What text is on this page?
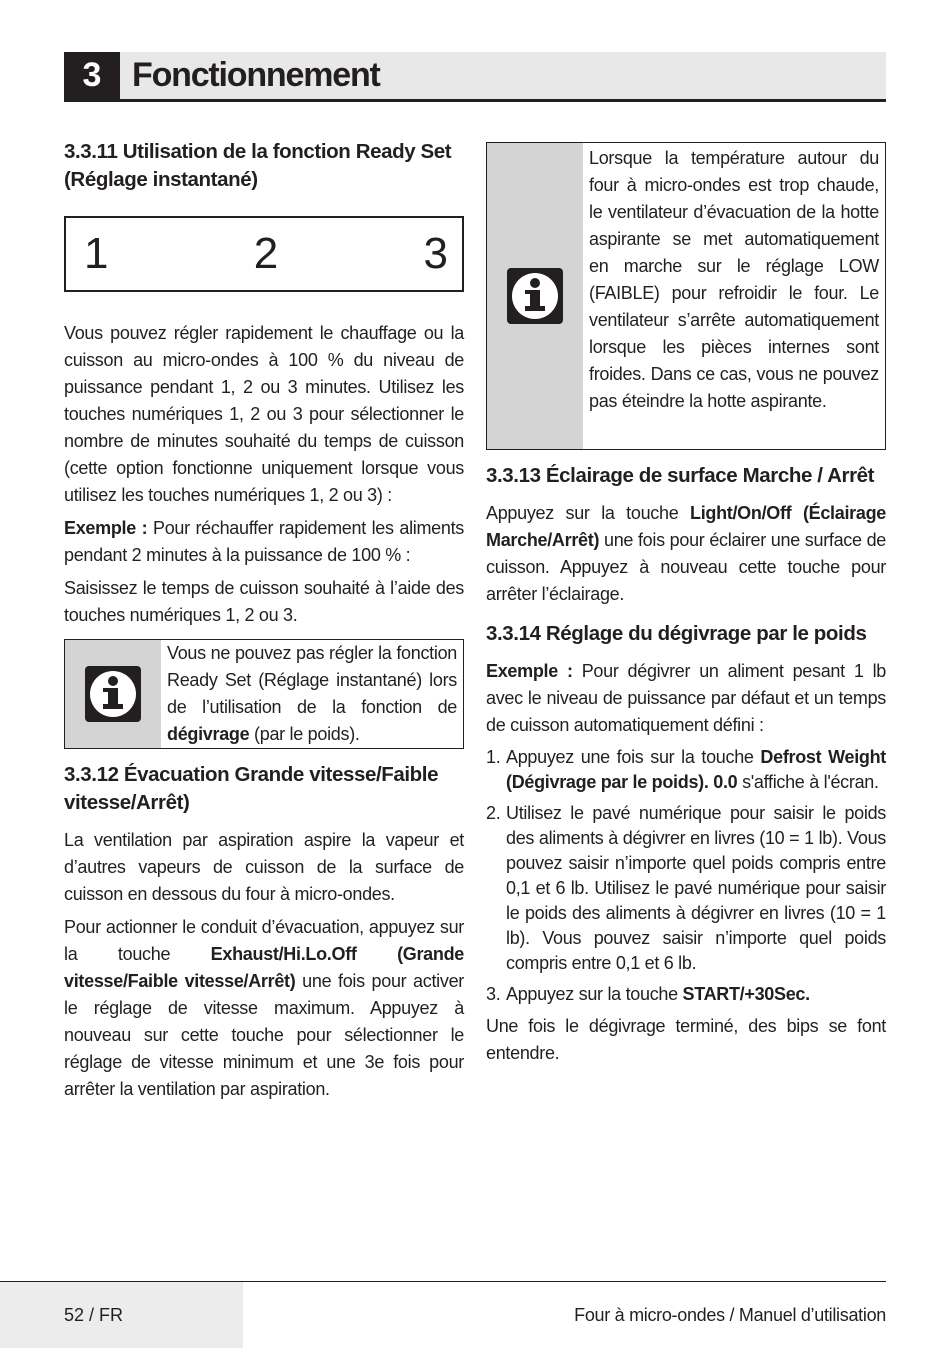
3 Fonctionnement
3.3.11 Utilisation de la fonction Ready Set (Réglage instantané)
1	2	3

Vous pouvez régler rapidement le chauffage ou la cuisson au micro-ondes à 100 % du niveau de puissance pendant 1, 2 ou 3 minutes. Utilisez les touches numériques 1, 2 ou 3 pour sélectionner le nombre de minutes souhaité du temps de cuisson (cette option fonctionne uniquement lorsque vous utilisez les touches numériques 1, 2 ou 3) :

Exemple : Pour réchauffer rapidement les aliments pendant 2 minutes à la puissance de 100 % :

Saisissez le temps de cuisson souhaité à l’aide des touches numériques 1, 2 ou 3.

Vous ne pouvez pas régler la fonction Ready Set (Réglage instantané) lors de l’utilisation de la fonction de dégivrage (par le poids).

3.3.12 Évacuation Grande vitesse/Faible vitesse/Arrêt)

La ventilation par aspiration aspire la vapeur et d’autres vapeurs de cuisson de la surface de cuisson en dessous du four à micro-ondes.

Pour actionner le conduit d’évacuation, appuyez sur la touche Exhaust/Hi.Lo.Off (Grande vitesse/Faible vitesse/Arrêt) une fois pour activer le réglage de vitesse maximum. Appuyez à nouveau sur cette touche pour sélectionner le réglage de vitesse minimum et une 3e fois pour arrêter la ventilation par aspiration.

Lorsque la température autour du four à micro-ondes est trop chaude, le ventilateur d’évacuation de la hotte aspirante se met automatiquement en marche sur le réglage LOW (FAIBLE) pour refroidir le four. Le ventilateur s’arrête automatiquement lorsque les pièces internes sont froides. Dans ce cas, vous ne pouvez pas éteindre la hotte aspirante.

3.3.13 Éclairage de surface Marche / Arrêt

Appuyez sur la touche Light/On/Off (Éclairage Marche/Arrêt) une fois pour éclairer une surface de cuisson. Appuyez à nouveau cette touche pour arrêter l’éclairage.

3.3.14 Réglage du dégivrage par le poids

Exemple : Pour dégivrer un aliment pesant 1 lb avec le niveau de puissance par défaut et un temps de cuisson automatiquement défini :

1. Appuyez une fois sur la touche Defrost Weight (Dégivrage par le poids). 0.0 s'affiche à l'écran.
2. Utilisez le pavé numérique pour saisir le poids des aliments à dégivrer en livres (10 = 1 lb). Vous pouvez saisir n’importe quel poids compris entre 0,1 et 6 lb. Utilisez le pavé numérique pour saisir le poids des aliments à dégivrer en livres (10 = 1 lb). Vous pouvez saisir n’importe quel poids compris entre 0,1 et 6 lb.
3. Appuyez sur la touche START/+30Sec.

Une fois le dégivrage terminé, des bips se font entendre.

52 / FR	Four à micro-ondes / Manuel d’utilisation
